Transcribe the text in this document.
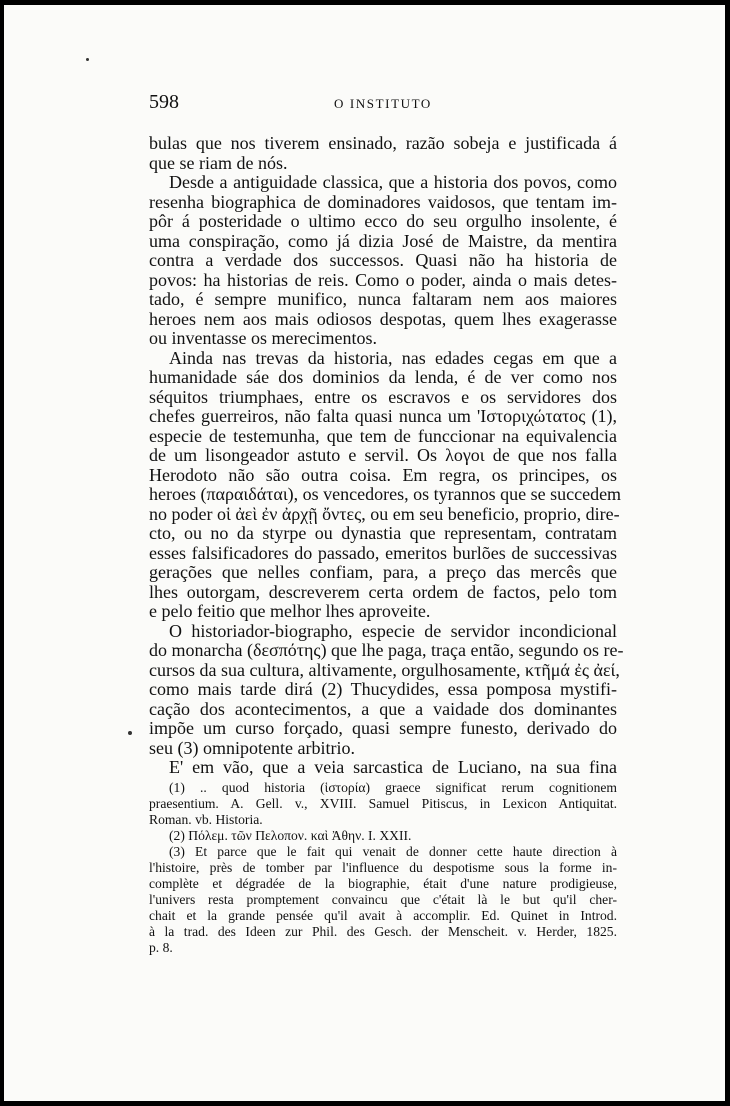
598	O INSTITUTO
bulas que nos tiverem ensinado, razão sobeja e justificada á
que se riam de nós.
Desde a antiguidade classica, que a historia dos povos, como
resenha biographica de dominadores vaidosos, que tentam im-
pôr á posteridade o ultimo ecco do seu orgulho insolente, é
uma conspiração, como já dizia José de Maistre, da mentira
contra a verdade dos successos. Quasi não ha historia de
povos: ha historias de reis. Como o poder, ainda o mais detes-
tado, é sempre munifico, nunca faltaram nem aos maiores
heroes nem aos mais odiosos despotas, quem lhes exagerasse
ou inventasse os merecimentos.
Ainda nas trevas da historia, nas edades cegas em que a
humanidade sáe dos dominios da lenda, é de ver como nos
séquitos triumphaes, entre os escravos e os servidores dos
chefes guerreiros, não falta quasi nunca um 'Ιστοριχώτατος (1),
especie de testemunha, que tem de funccionar na equivalencia
de um lisongeador astuto e servil. Os λογοι de que nos falla
Herodoto não são outra coisa. Em regra, os principes, os
heroes (παραιδάται), os vencedores, os tyrannos que se succedem
no poder οἱ ἀεὶ ἐν ἀρχῇ ὄντες, ou em seu beneficio, proprio, dire-
cto, ou no da styrpe ou dynastia que representam, contratam
esses falsificadores do passado, emeritos burlões de successivas
gerações que nelles confiam, para, a preço das mercês que
lhes outorgam, descreverem certa ordem de factos, pelo tom
e pelo feitio que melhor lhes aproveite.
O historiador-biographo, especie de servidor incondicional
do monarcha (δεσπότης) que lhe paga, traça então, segundo os re-
cursos da sua cultura, altivamente, orgulhosamente, κτῆμά ἐς ἀεί,
como mais tarde dirá (2) Thucydides, essa pomposa mystifi-
cação dos acontecimentos, a que a vaidade dos dominantes
impõe um curso forçado, quasi sempre funesto, derivado do
seu (3) omnipotente arbitrio.
E' em vão, que a veia sarcastica de Luciano, na sua fina
(1) .. quod historia (ἱστορία) graece significat rerum cognitionem
praesentium. A. Gell. v., XVIII. Samuel Pitiscus, in Lexicon Antiquitat.
Roman. vb. Historia.
(2) Πόλεμ. τῶν Πελοπον. καὶ Ἀθην. I. XXII.
(3) Et parce que le fait qui venait de donner cette haute direction à
l'histoire, près de tomber par l'influence du despotisme sous la forme in-
complète et dégradée de la biographie, était d'une nature prodigieuse,
l'univers resta promptement convaincu que c'était là le but qu'il cher-
chait et la grande pensée qu'il avait à accomplir. Ed. Quinet in Introd.
à la trad. des Ideen zur Phil. des Gesch. der Menscheit. v. Herder, 1825.
p. 8.
